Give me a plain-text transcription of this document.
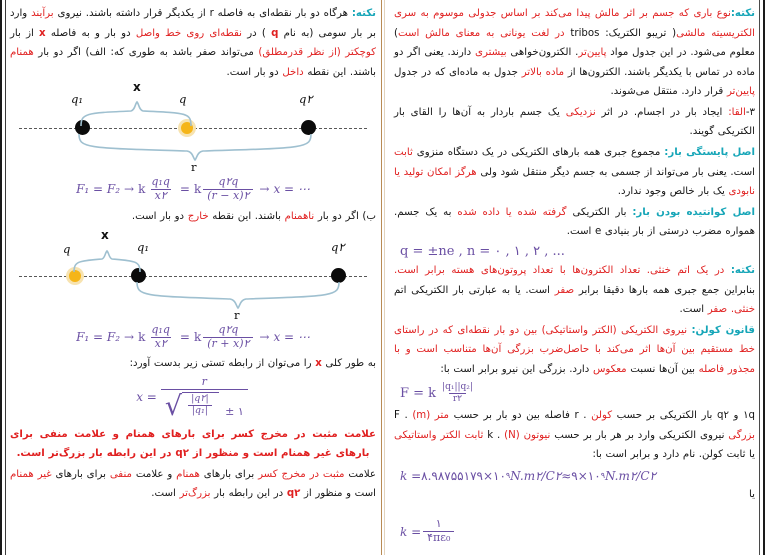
نکته:نوع باری که جسم بر اثر مالش پیدا می‌کند بر اساس جدولی موسوم به سری الکتریسیته مالشی( تریبو الکتریک: tribos در لغت یونانی به معنای مالش است) معلوم می‌شود. در این جدول مواد پایین‌تر. الکترون‌خواهی بیشتری دارند. یعنی اگر دو ماده در تماس با یکدیگر باشند. الکترون‌ها از ماده بالاتر جدول به ماده‌ای که در جدول پایین‌تر قرار دارد. منتقل می‌شوند.

۳-القا: ایجاد بار در اجسام. در اثر نزدیکی یک جسم باردار به آن‌ها را القای بار الکتریکی گویند.

اصل پایستگی بار: مجموع جبری همه بارهای الکتریکی در یک دستگاه منزوی ثابت است. یعنی بار می‌تواند از جسمی به جسم دیگر منتقل شود ولی هرگز امکان تولید یا نابودی یک بار خالص وجود ندارد.

اصل کوانتیده بودن بار: بار الکتریکی گرفته شده یا داده شده به یک جسم. همواره مضرب درستی از بار بنیادی e است.

q = ±ne , n = ۰ , ۱ , ۲ , ...

نکته: در یک اتم خنثی. تعداد الکترون‌ها با تعداد پروتون‌های هسته برابر است. بنابراین جمع جبری همه بارها دقیقا برابر صفر است. یا به عبارتی بار الکتریکی اتم خنثی. صفر است.

قانون کولن: نیروی الکتریکی (الکتر واستاتیکی) بین دو بار نقطه‌ای که در راستای خط مستقیم بین آن‌ها اثر می‌کند با حاصل‌ضرب بزرگی آن‌ها متناسب است و با مجذور فاصله بین آن‌ها نسبت معکوس دارد. بزرگی این نیرو برابر است با:

F = k $\frac{\text{|q₁||q₂|}}{r۲}$

q۱ و q۲ بار الکتریکی بر حسب کولن . r فاصله بین دو بار بر حسب متر (m) . F بزرگی نیروی الکتریکی وارد بر هر بار بر حسب نیوتون (N) . k ثابت الکتر واستاتیکی یا ثابت کولن. نام دارد و برابر است با:

k = ۸.۹۸۷۵۵۱۷۹ × ۱۰ ۹ N.m۲/C۲ ≈ ۹ × ۱۰ ۹ N.m۲/C۲

یا

$k = \frac{۱}{\text{۴πε₀}}$

نکته: هرگاه دو بار نقطه‌ای به فاصله r از یکدیگر قرار داشته باشند. نیروی برآیند وارد بر بار سومی (به نام q ) در نقطه‌ای روی خط واصل دو بار و به فاصله x از بار کوچکتر (از نظر قدرمطلق) می‌تواند صفر باشد به طوری که: الف) اگر دو بار همنام باشند. این نقطه داخل دو بار است.

q₁	q	q۲
x
r
F₁ = F₂ → k $\frac{\text{q₁q}}{x۲} = k \frac{q۲q}{(r - x)۲} \to x$ = ⋯

ب) اگر دو بار ناهمنام باشند. این نقطه خارج دو بار است.

q	q₁	q۲
x
r
F₁ = F₂ → k $\frac{\text{q₁q}}{x۲} = k \frac{q۲q}{(r + x)۲} \to x$ = ⋯

به طور کلی x را می‌توان از رابطه تستی زیر بدست آورد:

x =
r
√ $\frac{|q۲|}{\text{|q₁|}}$ ± ۱

علامت مثبت در مخرج کسر برای بارهای همنام و علامت منفی برای بارهای غیر همنام است و منظور از q۲ در این رابطه بار بزرگ‌تر است.

علامت مثبت در مخرج کسر برای بارهای همنام و علامت منفی برای بارهای غیر همنام است و منظور از q۲ در این رابطه بار بزرگ‌تر است.
